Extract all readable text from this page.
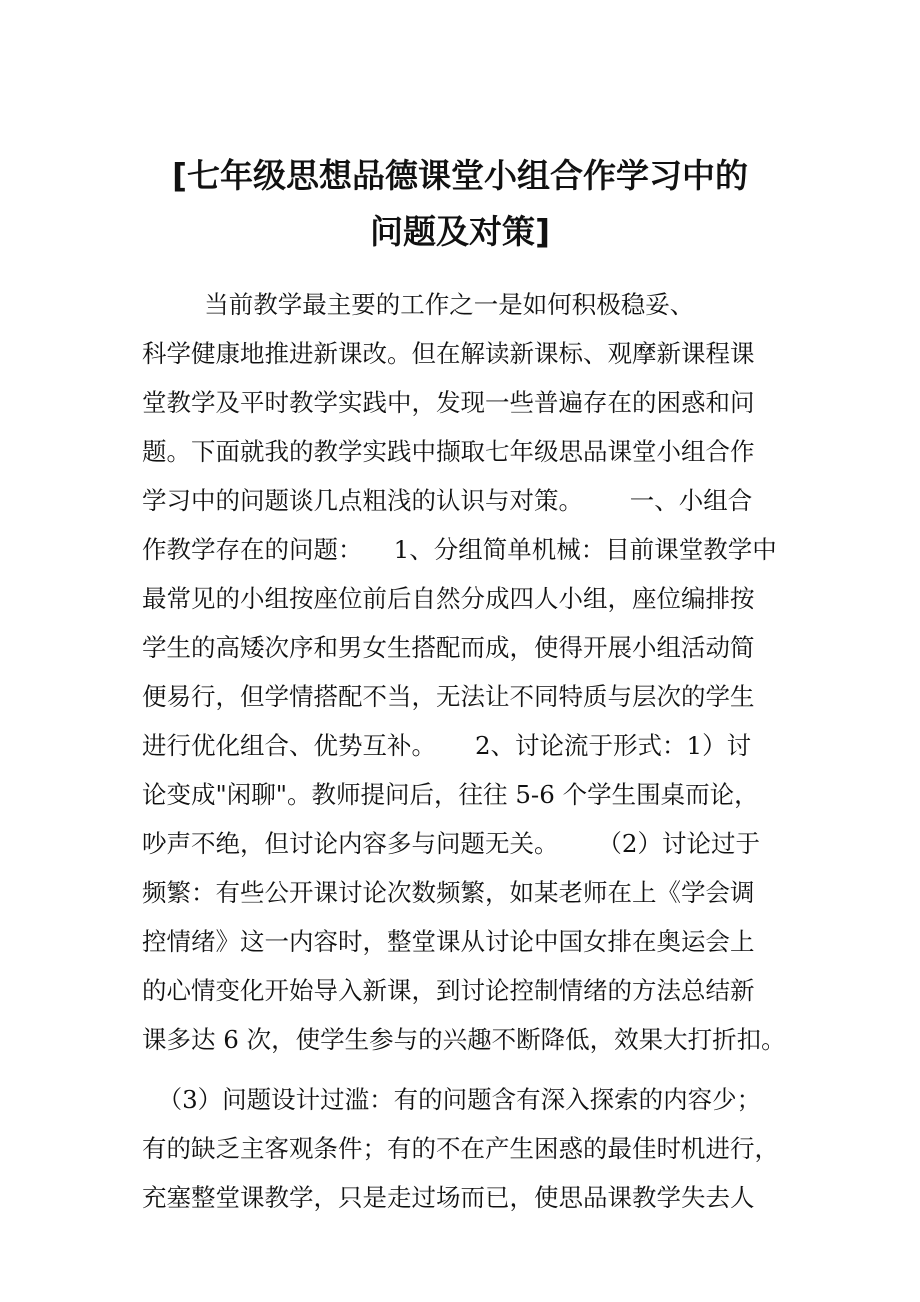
[七年级思想品德课堂小组合作学习中的
问题及对策]
当前教学最主要的工作之一是如何积极稳妥、
科学健康地推进新课改。但在解读新课标、观摩新课程课
堂教学及平时教学实践中，发现一些普遍存在的困惑和问
题。下面就我的教学实践中撷取七年级思品课堂小组合作
学习中的问题谈几点粗浅的认识与对策。      一、小组合
作教学存在的问题：    1、分组简单机械：目前课堂教学中
最常见的小组按座位前后自然分成四人小组，座位编排按
学生的高矮次序和男女生搭配而成，使得开展小组活动简
便易行，但学情搭配不当，无法让不同特质与层次的学生
进行优化组合、优势互补。     2、讨论流于形式：1）讨
论变成"闲聊"。教师提问后，往往 5-6 个学生围桌而论，
吵声不绝，但讨论内容多与问题无关。     （2）讨论过于
频繁：有些公开课讨论次数频繁，如某老师在上《学会调
控情绪》这一内容时，整堂课从讨论中国女排在奥运会上
的心情变化开始导入新课，到讨论控制情绪的方法总结新
课多达 6 次，使学生参与的兴趣不断降低，效果大打折扣。
（3）问题设计过滥：有的问题含有深入探索的内容少；
有的缺乏主客观条件；有的不在产生困惑的最佳时机进行，
充塞整堂课教学，只是走过场而已，使思品课教学失去人
